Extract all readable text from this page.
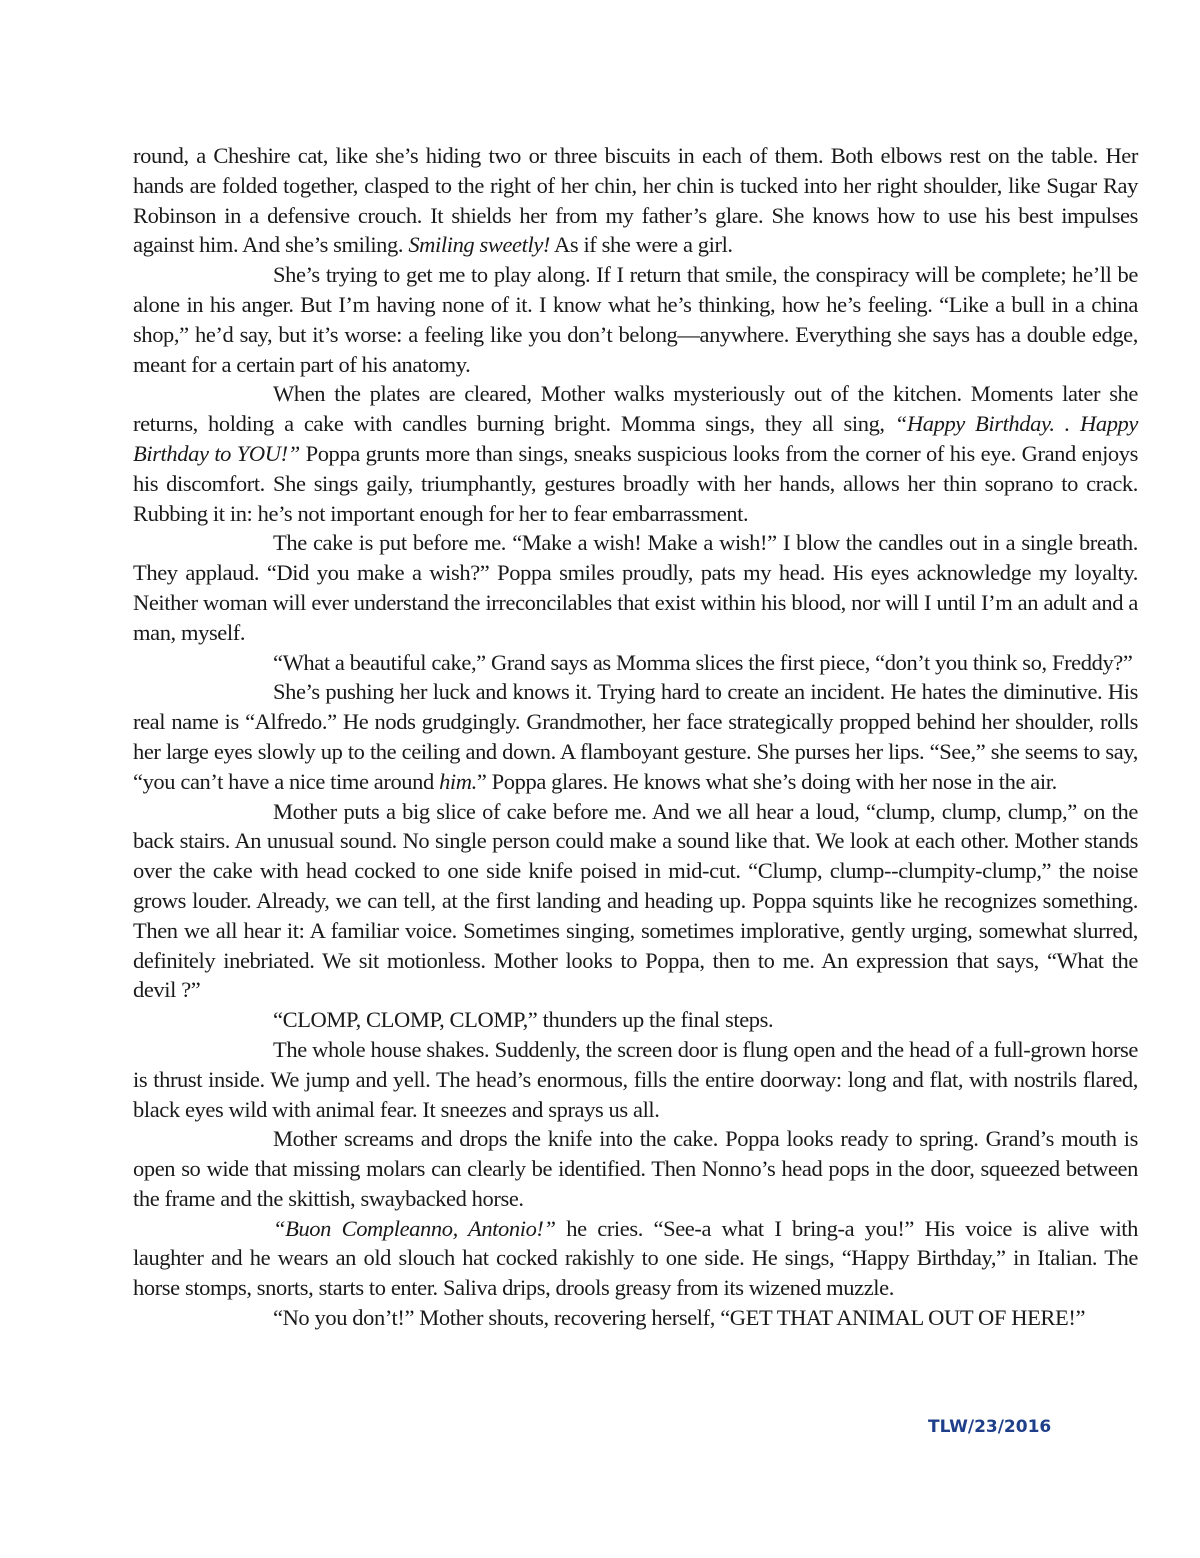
round, a Cheshire cat, like she’s hiding two or three biscuits in each of them. Both elbows rest on the table. Her hands are folded together, clasped to the right of her chin, her chin is tucked into her right shoulder, like Sugar Ray Robinson in a defensive crouch. It shields her from my father’s glare. She knows how to use his best impulses against him. And she’s smiling. Smiling sweetly! As if she were a girl.

She’s trying to get me to play along. If I return that smile, the conspiracy will be complete; he’ll be alone in his anger. But I’m having none of it. I know what he’s thinking, how he’s feeling. “Like a bull in a china shop,” he’d say, but it’s worse: a feeling like you don’t belong—anywhere. Everything she says has a double edge, meant for a certain part of his anatomy.

When the plates are cleared, Mother walks mysteriously out of the kitchen. Moments later she returns, holding a cake with candles burning bright. Momma sings, they all sing, “Happy Birthday. . Happy Birthday to YOU!” Poppa grunts more than sings, sneaks suspicious looks from the corner of his eye. Grand enjoys his discomfort. She sings gaily, triumphantly, gestures broadly with her hands, allows her thin soprano to crack. Rubbing it in: he’s not important enough for her to fear embarrassment.

The cake is put before me. “Make a wish! Make a wish!” I blow the candles out in a single breath. They applaud. “Did you make a wish?” Poppa smiles proudly, pats my head. His eyes acknowledge my loyalty. Neither woman will ever understand the irreconcilables that exist within his blood, nor will I until I’m an adult and a man, myself.

“What a beautiful cake,” Grand says as Momma slices the first piece, “don’t you think so, Freddy?”

She’s pushing her luck and knows it. Trying hard to create an incident. He hates the diminutive. His real name is “Alfredo.” He nods grudgingly. Grandmother, her face strategically propped behind her shoulder, rolls her large eyes slowly up to the ceiling and down. A flamboyant gesture. She purses her lips. “See,” she seems to say, “you can’t have a nice time around him.” Poppa glares. He knows what she’s doing with her nose in the air.

Mother puts a big slice of cake before me. And we all hear a loud, “clump, clump, clump,” on the back stairs. An unusual sound. No single person could make a sound like that. We look at each other. Mother stands over the cake with head cocked to one side knife poised in mid-cut. “Clump, clump--clumpity-clump,” the noise grows louder. Already, we can tell, at the first landing and heading up. Poppa squints like he recognizes something. Then we all hear it: A familiar voice. Sometimes singing, sometimes implorative, gently urging, somewhat slurred, definitely inebriated. We sit motionless. Mother looks to Poppa, then to me. An expression that says, “What the devil ?”

“CLOMP, CLOMP, CLOMP,” thunders up the final steps.

The whole house shakes. Suddenly, the screen door is flung open and the head of a full-grown horse is thrust inside. We jump and yell. The head’s enormous, fills the entire doorway: long and flat, with nostrils flared, black eyes wild with animal fear. It sneezes and sprays us all.

Mother screams and drops the knife into the cake. Poppa looks ready to spring. Grand’s mouth is open so wide that missing molars can clearly be identified. Then Nonno’s head pops in the door, squeezed between the frame and the skittish, swaybacked horse.

“Buon Compleanno, Antonio!” he cries. “See-a what I bring-a you!” His voice is alive with laughter and he wears an old slouch hat cocked rakishly to one side. He sings, “Happy Birthday,” in Italian. The horse stomps, snorts, starts to enter. Saliva drips, drools greasy from its wizened muzzle.

“No you don’t!” Mother shouts, recovering herself, “GET THAT ANIMAL OUT OF HERE!”

TLW/23/2016
